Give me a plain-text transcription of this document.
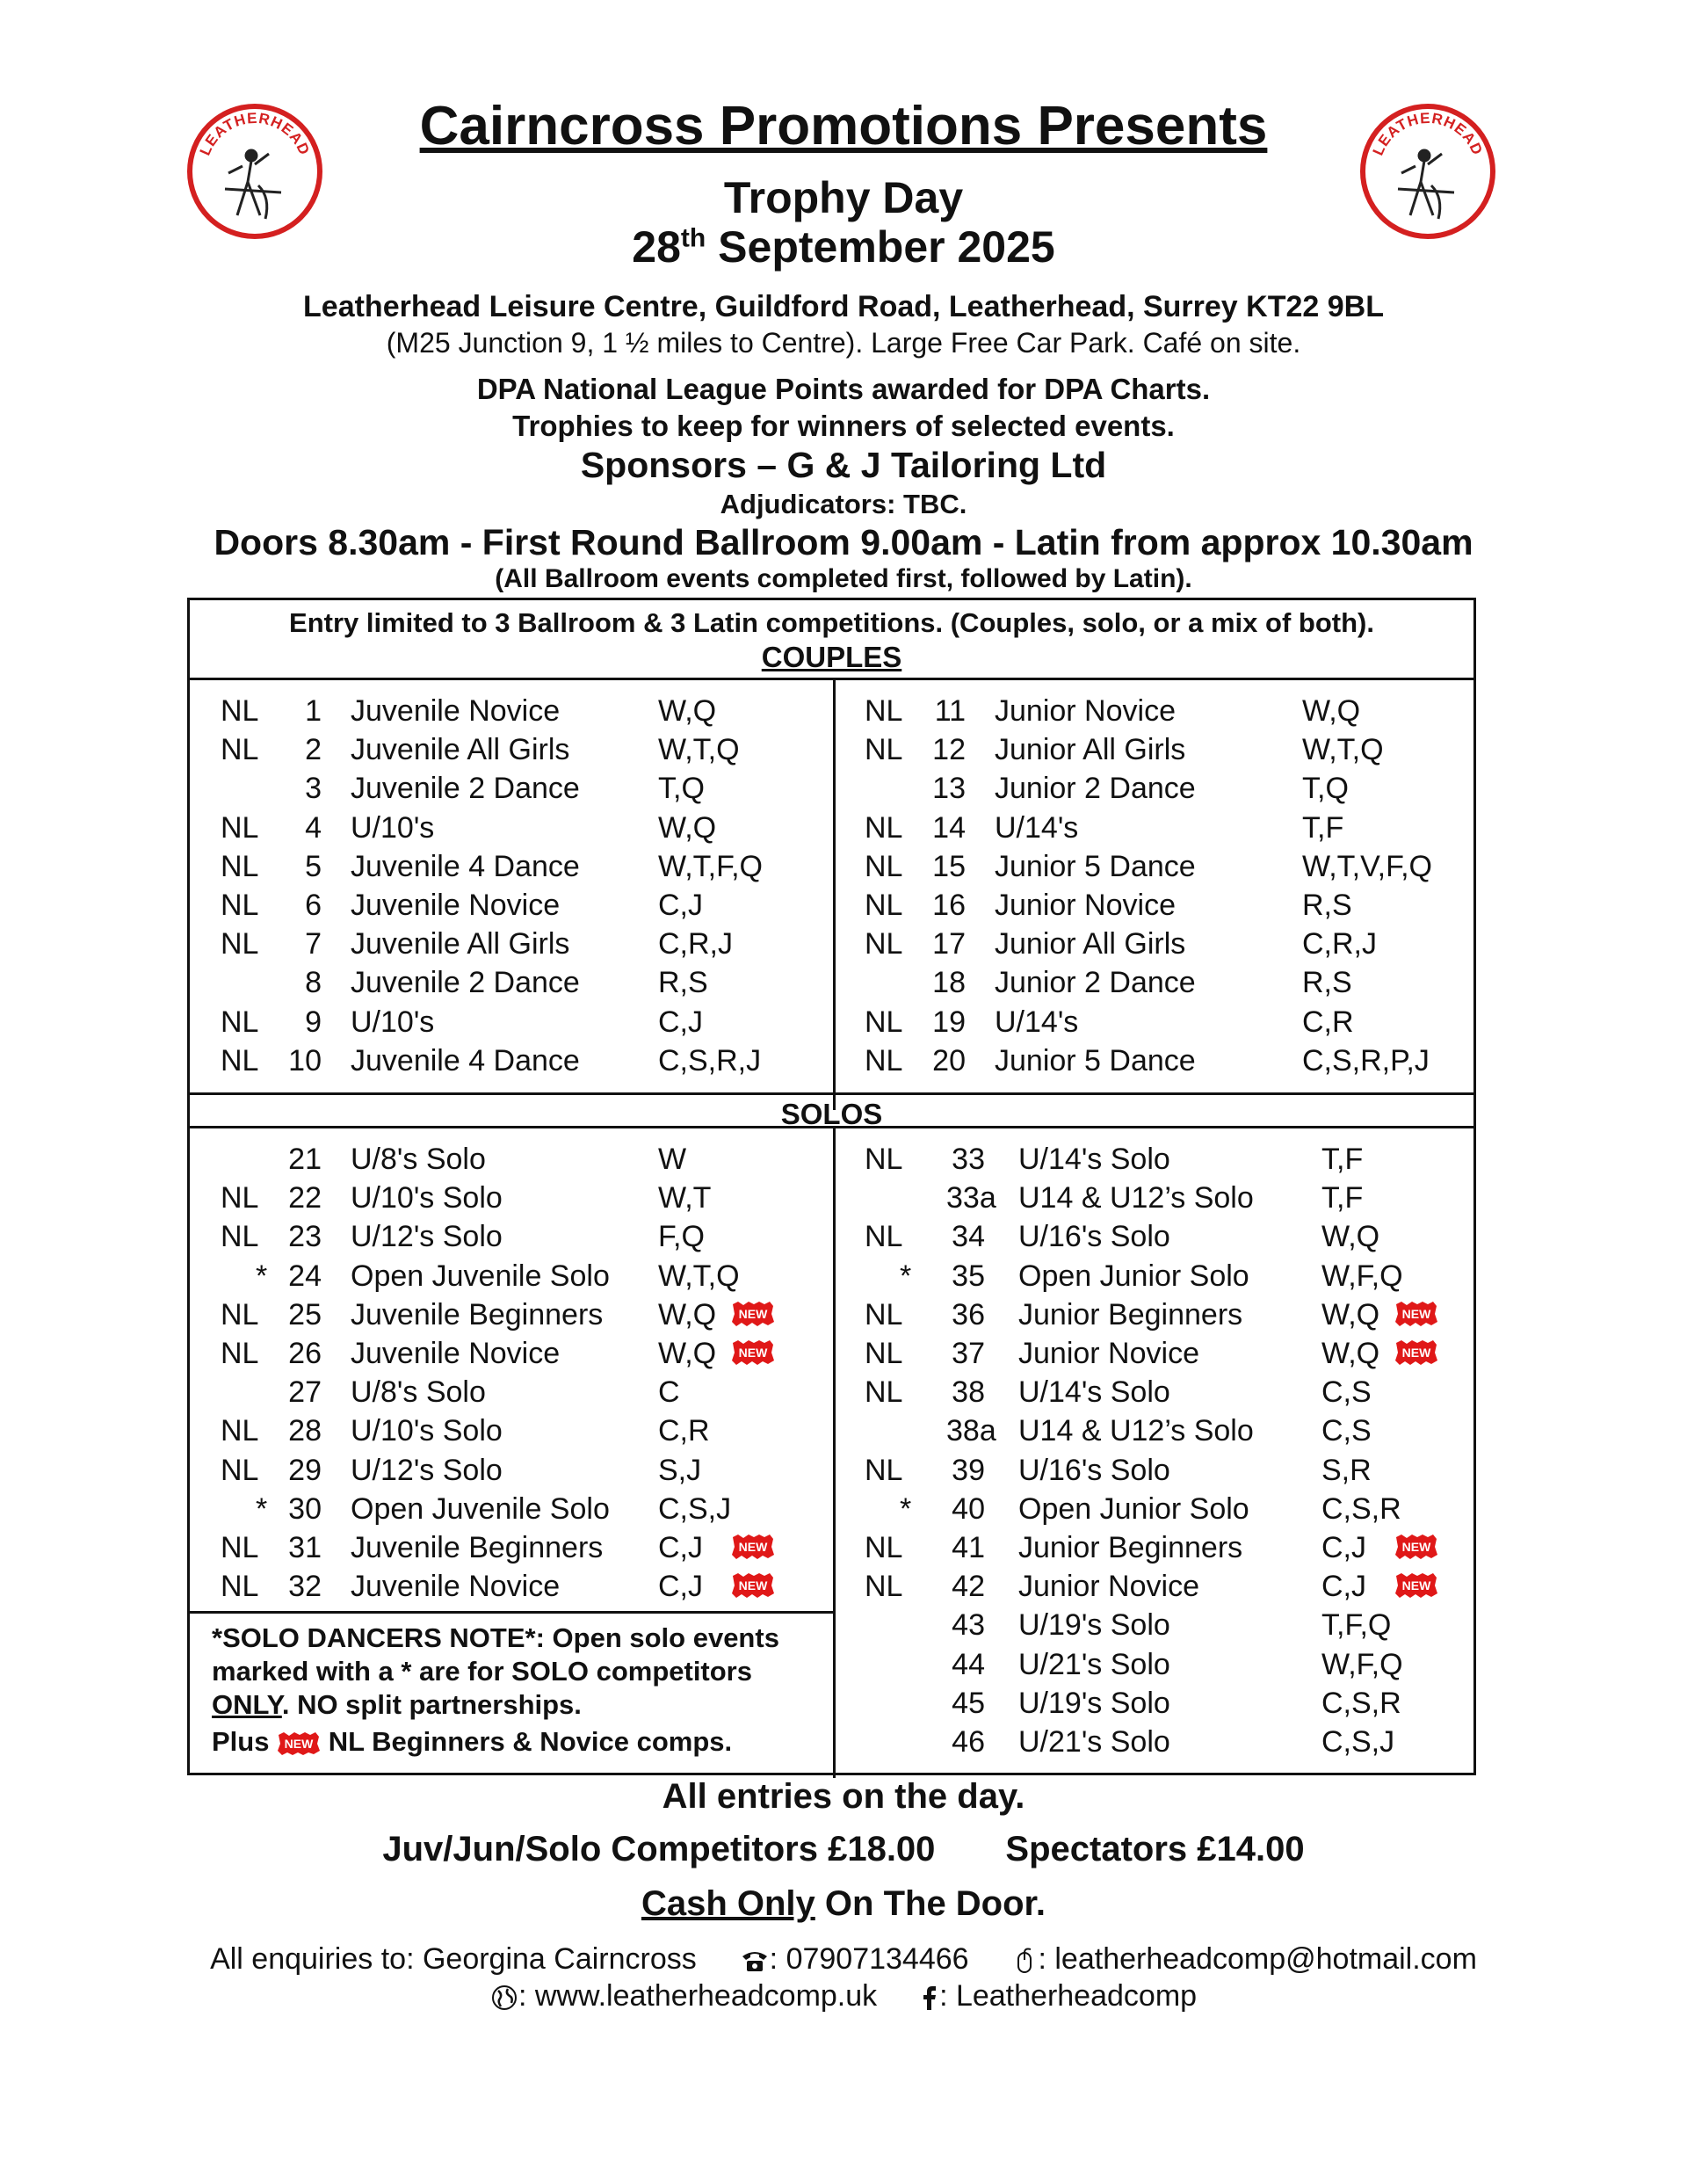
LEATHERHEAD	LEATHERHEAD
Cairncross Promotions Presents
Trophy Day
28th September 2025
Leatherhead Leisure Centre, Guildford Road, Leatherhead, Surrey KT22 9BL
(M25 Junction 9, 1 ½ miles to Centre). Large Free Car Park. Café on site.
DPA National League Points awarded for DPA Charts.
Trophies to keep for winners of selected events.
Sponsors – G & J Tailoring Ltd
Adjudicators: TBC.
Doors 8.30am - First Round Ballroom 9.00am - Latin from approx 10.30am
(All Ballroom events completed first, followed by Latin).
Entry limited to 3 Ballroom & 3 Latin competitions. (Couples, solo, or a mix of both).
COUPLES
NL	1 Juvenile Novice	W,Q
NL	2 Juvenile All Girls	W,T,Q
3 Juvenile 2 Dance	T,Q
NL	4 U/10's	W,Q
NL	5 Juvenile 4 Dance	W,T,F,Q
NL	6 Juvenile Novice	C,J
NL	7 Juvenile All Girls	C,R,J
8 Juvenile 2 Dance	R,S
NL	9 U/10's	C,J
NL 10 Juvenile 4 Dance	C,S,R,J
NL 11 Junior Novice	W,Q
NL 12 Junior All Girls	W,T,Q
13 Junior 2 Dance	T,Q
NL 14 U/14's	T,F
NL 15 Junior 5 Dance	W,T,V,F,Q
NL 16 Junior Novice	R,S
NL 17 Junior All Girls	C,R,J
18 Junior 2 Dance	R,S
NL 19 U/14's	C,R
NL 20 Junior 5 Dance	C,S,R,P,J
SOLOS
21 U/8's Solo	W
NL 22 U/10's Solo	W,T
NL 23 U/12's Solo	F,Q
* 24 Open Juvenile Solo W,T,Q
NL 25 Juvenile Beginners W,Q NEW
NL 26 Juvenile Novice	W,Q NEW
27 U/8's Solo	C
NL 28 U/10's Solo	C,R
NL 29 U/12's Solo	S,J
* 30 Open Juvenile Solo C,S,J
NL 31 Juvenile Beginners C,J	NEW
NL 32 Juvenile Novice	C,J	NEW
NL 33 U/14's Solo	T,F
33a U14 & U12’s Solo T,F
NL 34 U/16's Solo	W,Q
* 35 Open Junior Solo W,F,Q
NL 36 Junior Beginners	W,Q NEW
NL 37 Junior Novice	W,Q NEW
NL 38 U/14's Solo	C,S
38a U14 & U12’s Solo C,S
NL 39 U/16's Solo	S,R
* 40 Open Junior Solo C,S,R
NL 41 Junior Beginners	C,J	NEW
NL 42 Junior Novice	C,J	NEW
43 U/19's Solo	T,F,Q
44 U/21's Solo	W,F,Q
45 U/19's Solo	C,S,R
46 U/21's Solo	C,S,J
*SOLO DANCERS NOTE*: Open solo events
marked with a * are for SOLO competitors
ONLY. NO split partnerships.
Plus NEW NL Beginners & Novice comps.
All entries on the day.
Juv/Jun/Solo Competitors £18.00 Spectators £14.00
Cash Only On The Door.
All enquiries to: Georgina Cairncross : 07907134466 : leatherheadcomp@hotmail.com
: www.leatherheadcomp.uk : Leatherheadcomp
